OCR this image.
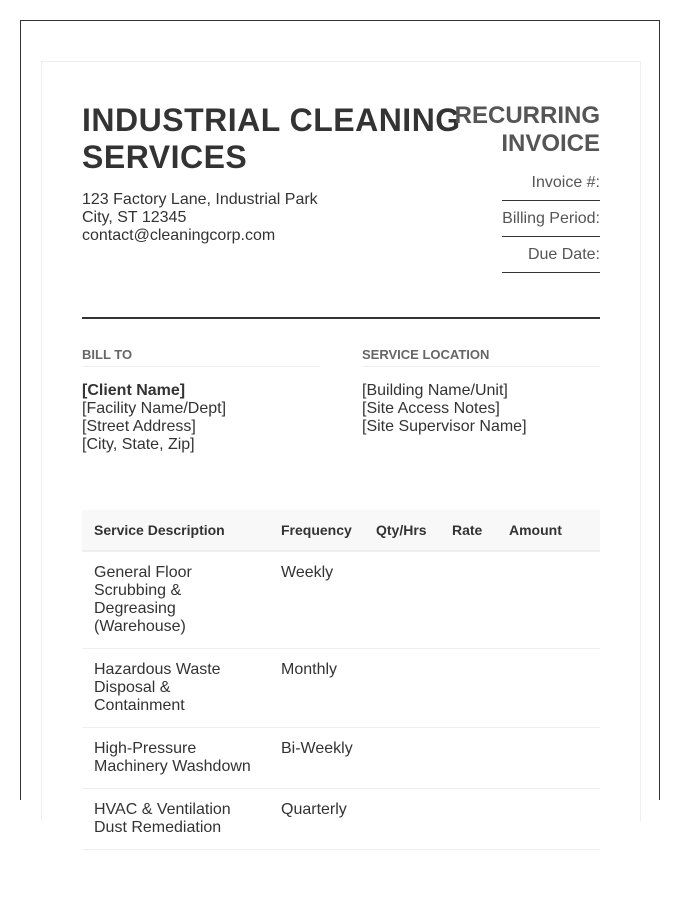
INDUSTRIAL CLEANING SERVICES
123 Factory Lane, Industrial Park
City, ST 12345
contact@cleaningcorp.com
RECURRING INVOICE
Invoice #:
Billing Period:
Due Date:
BILL TO
[Client Name]
[Facility Name/Dept]
[Street Address]
[City, State, Zip]
SERVICE LOCATION
[Building Name/Unit]
[Site Access Notes]
[Site Supervisor Name]
Service Description	Frequency	Qty/Hrs	Rate	Amount
General Floor Scrubbing & Degreasing (Warehouse)	Weekly			
Hazardous Waste Disposal & Containment	Monthly			
High-Pressure Machinery Washdown	Bi-Weekly			
HVAC & Ventilation Dust Remediation	Quarterly			
